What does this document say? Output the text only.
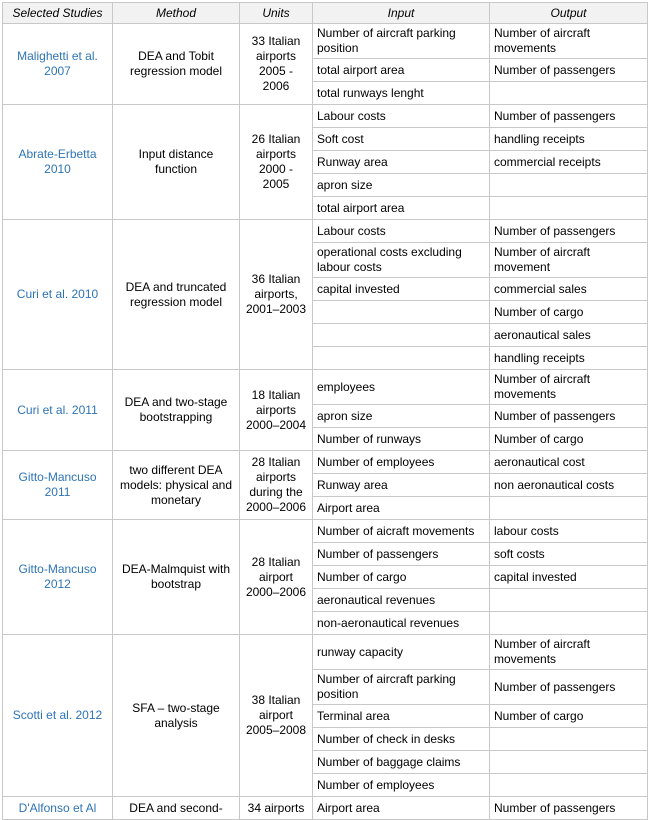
Selected Studies	Method	Units	Input	Output
Malighetti et al. 2007	DEA and Tobit regression model	33 Italian airports 2005 - 2006	Number of aircraft parking position	Number of aircraft movements
			total airport area	Number of passengers
			total runways lenght	
Abrate-Erbetta 2010	Input distance function	26 Italian airports 2000 - 2005	Labour costs	Number of passengers
			Soft cost	handling receipts
			Runway area	commercial receipts
			apron size	
			total airport area	
Curi et al. 2010	DEA and truncated regression model	36 Italian airports, 2001–2003	Labour costs	Number of passengers
			operational costs excluding labour costs	Number of aircraft movement
			capital invested	commercial sales
				Number of cargo
				aeronautical sales
				handling receipts
Curi et al. 2011	DEA and two-stage bootstrapping	18 Italian airports 2000–2004	employees	Number of aircraft movements
			apron size	Number of passengers
			Number of runways	Number of cargo
Gitto-Mancuso 2011	two different DEA models: physical and monetary	28 Italian airports during the 2000–2006	Number of employees	aeronautical cost
			Runway area	non aeronautical costs
			Airport area	
Gitto-Mancuso 2012	DEA-Malmquist with bootstrap	28 Italian airport 2000–2006	Number of aicraft movements	labour costs
			Number of passengers	soft costs
			Number of cargo	capital invested
			aeronautical revenues	
			non-aeronautical revenues	
Scotti et al. 2012	SFA – two-stage analysis	38 Italian airport 2005–2008	runway capacity	Number of aircraft movements
			Number of aircraft parking position	Number of passengers
			Terminal area	Number of cargo
			Number of check in desks	
			Number of baggage claims	
			Number of employees	
D'Alfonso et Al	DEA and second-	34 airports	Airport area	Number of passengers
